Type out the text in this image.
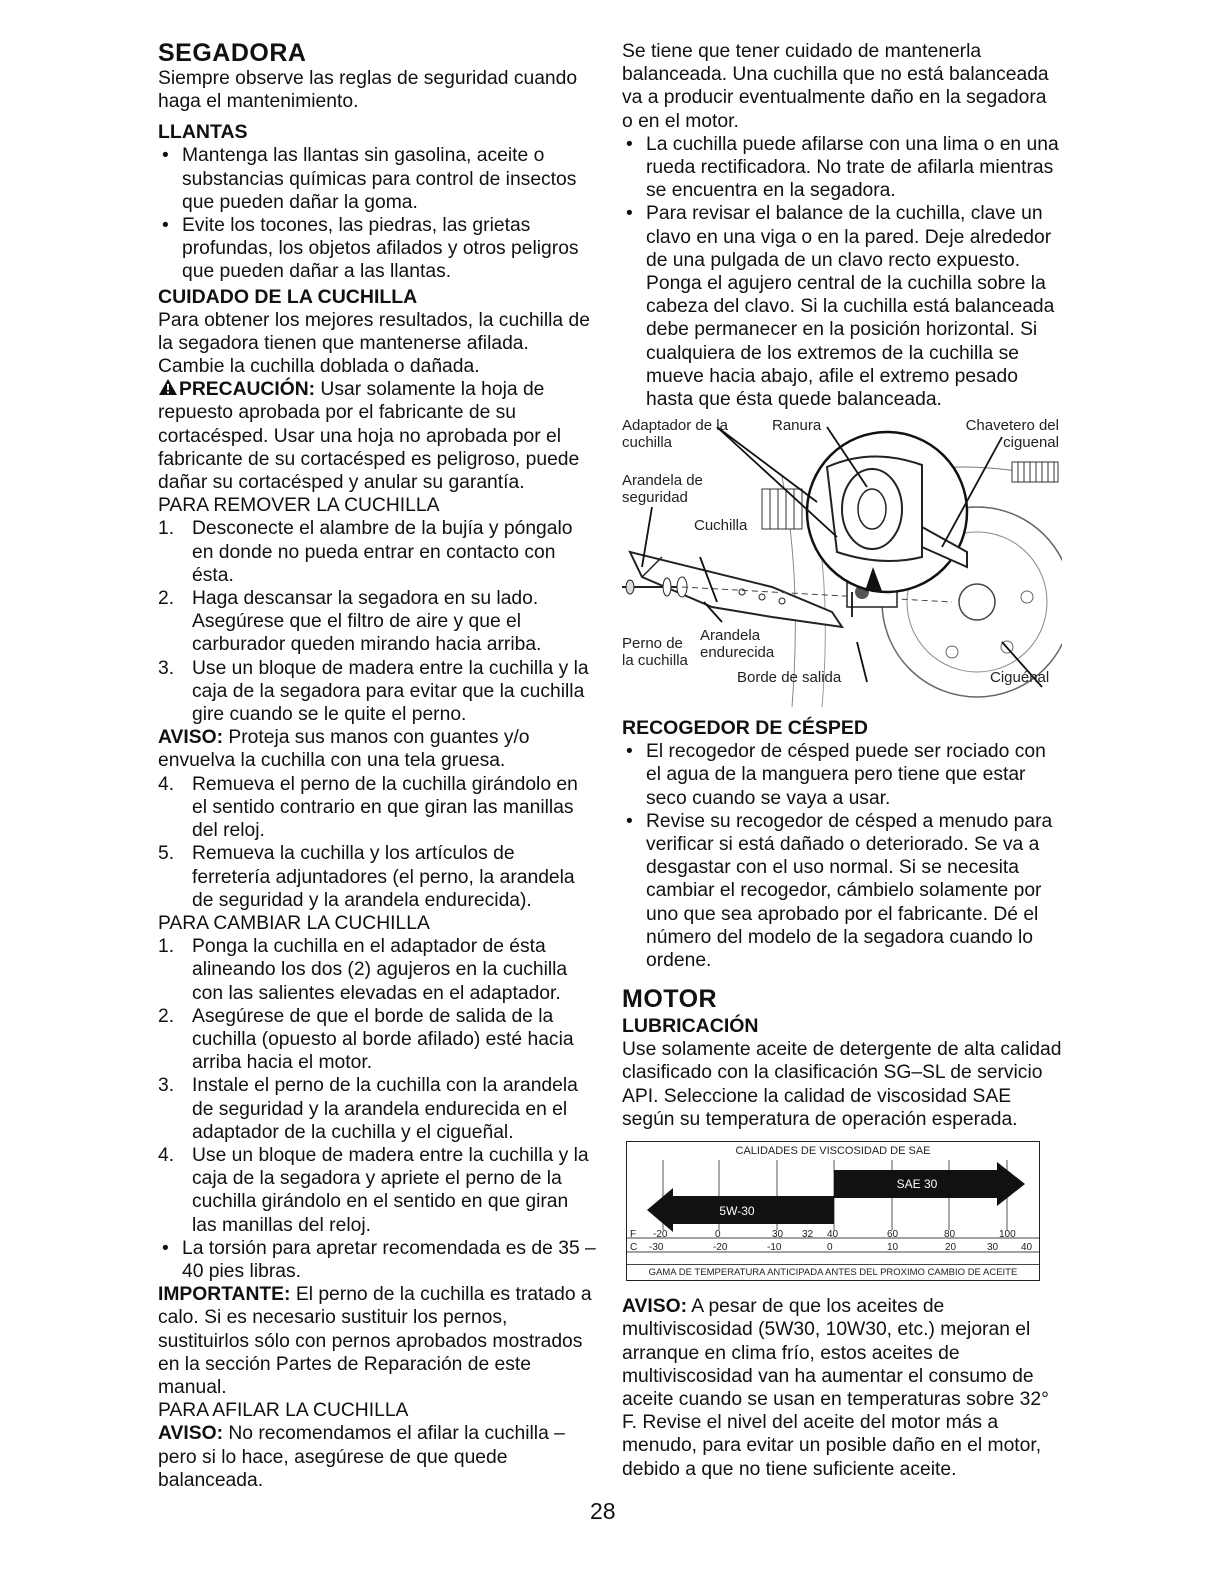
SEGADORA

Siempre observe las reglas de seguridad cuando haga el mantenimiento.

LLANTAS
• Mantenga las llantas sin gasolina, aceite o substancias químicas para control de insectos que pueden dañar la goma.
• Evite los tocones, las piedras, las grietas profundas, los objetos afilados y otros peligros que pueden dañar a las llantas.
CUIDADO DE LA CUCHILLA

Para obtener los mejores resultados, la cuchilla de la segadora tienen que mantenerse afilada. Cambie la cuchilla doblada o dañada.

PRECAUCIÓN: Usar solamente la hoja de repuesto aprobada por el fabricante de su cortacésped. Usar una hoja no aprobada por el fabricante de su cortacésped es peligroso, puede dañar su cortacésped y anular su garantía.

PARA REMOVER LA CUCHILLA

1. Desconecte el alambre de la bujía y póngalo en donde no pueda entrar en contacto con ésta.
2. Haga descansar la segadora en su lado. Asegúrese que el filtro de aire y que el carburador queden mirando hacia arriba.
3. Use un bloque de madera entre la cuchilla y la caja de la segadora para evitar que la cuchilla gire cuando se le quite el perno.

AVISO: Proteja sus manos con guantes y/o envuelva la cuchilla con una tela gruesa.

4. Remueva el perno de la cuchilla girándolo en el sentido contrario en que giran las manillas del reloj.
5. Remueva la cuchilla y los artículos de ferretería adjuntadores (el perno, la arandela de seguridad y la arandela endurecida).

PARA CAMBIAR LA CUCHILLA

1. Ponga la cuchilla en el adaptador de ésta alineando los dos (2) agujeros en la cuchilla con las salientes elevadas en el adaptador.
2. Asegúrese de que el borde de salida de la cuchilla (opuesto al borde afilado) esté hacia arriba hacia el motor.
3. Instale el perno de la cuchilla con la arandela de seguridad y la arandela endurecida en el adaptador de la cuchilla y el cigueñal.
4. Use un bloque de madera entre la cuchilla y la caja de la segadora y apriete el perno de la cuchilla girándolo en el sentido en que giran las manillas del reloj.
• La torsión para apretar recomendada es de 35 – 40 pies libras.

IMPORTANTE: El perno de la cuchilla es tratado a calo. Si es necesario sustituir los pernos, sustituirlos sólo con pernos aprobados mostrados en la sección Partes de Reparación de este manual.

PARA AFILAR LA CUCHILLA

AVISO: No recomendamos el afilar la cuchilla – pero si lo hace, asegúrese de que quede balanceada.

Se tiene que tener cuidado de mantenerla balanceada. Una cuchilla que no está balanceada va a producir eventualmente daño en la segadora o en el motor.

• La cuchilla puede afilarse con una lima o en una rueda rectificadora. No trate de afilarla mientras se encuentra en la segadora.
• Para revisar el balance de la cuchilla, clave un clavo en una viga o en la pared. Deje alrededor de una pulgada de un clavo recto expuesto. Ponga el agujero central de la cuchilla sobre la cabeza del clavo. Si la cuchilla está balanceada debe permanecer en la posición horizontal. Si cualquiera de los extremos de la cuchilla se mueve hacia abajo, afile el extremo pesado hasta que ésta quede balanceada.
Adaptador de la cuchilla
Ranura	Chavetero del ciguenal
Arandela de seguridad
Cuchilla
Perno de la cuchilla
Arandela endurecida
Borde de salida	Ciguénal
RECOGEDOR DE CÉSPED
• El recogedor de césped puede ser rociado con el agua de la manguera pero tiene que estar seco cuando se vaya a usar.
• Revise su recogedor de césped a menudo para verificar si está dañado o deteriorado. Se va a desgastar con el uso normal. Si se necesita cambiar el recogedor, cámbielo solamente por uno que sea aprobado por el fabricante. Dé el número del modelo de la segadora cuando lo ordene.
MOTOR
LUBRICACIÓN

Use solamente aceite de detergente de alta calidad clasificado con la clasificación SG–SL de servicio API. Seleccione la calidad de viscosidad SAE según su temperatura de operación esperada.

CALIDADES DE VISCOSIDAD DE SAE
SAE 30
5W-30
F -20	0	30 32 40	60	80	100
C -30	-20	-10	0	10	20	30 40
GAMA DE TEMPERATURA ANTICIPADA ANTES DEL PROXIMO CAMBIO DE ACEITE

AVISO: A pesar de que los aceites de multiviscosidad (5W30, 10W30, etc.) mejoran el arranque en clima frío, estos aceites de multiviscosidad van ha aumentar el consumo de aceite cuando se usan en temperaturas sobre 32° F. Revise el nivel del aceite del motor más a menudo, para evitar un posible daño en el motor, debido a que no tiene suficiente aceite.

28
